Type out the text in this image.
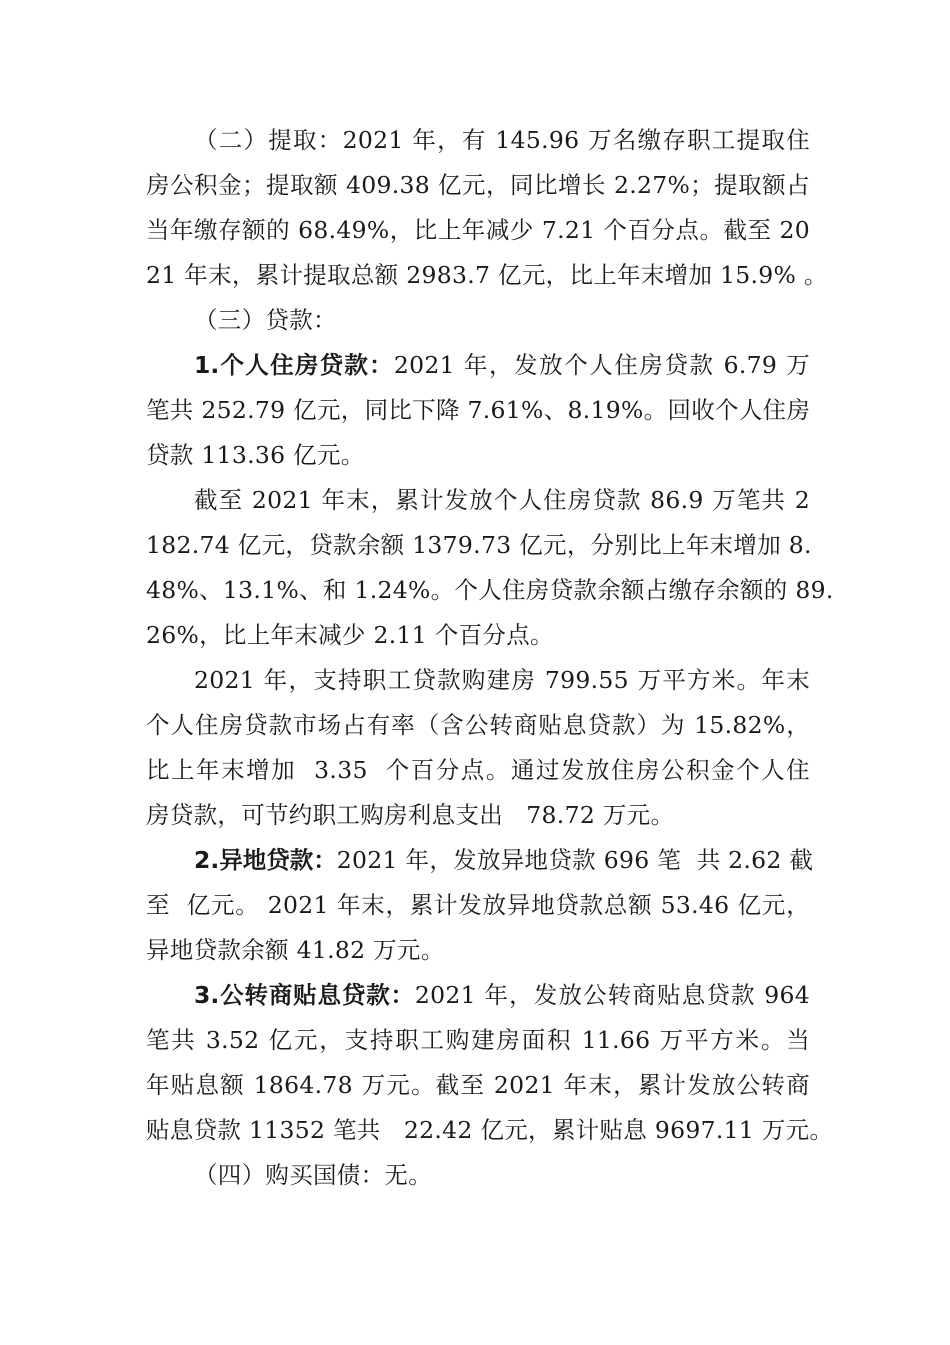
（二）提取：2021 年，有 145.96 万名缴存职工提取住
房公积金；提取额 409.38 亿元，同比增长 2.27%；提取额占
当年缴存额的 68.49%，比上年减少 7.21 个百分点。截至 20
21 年末，累计提取总额 2983.7 亿元，比上年末增加 15.9% 。
（三）贷款：
1.个人住房贷款：2021 年，发放个人住房贷款 6.79 万
笔共 252.79 亿元，同比下降 7.61%、8.19%。回收个人住房
贷款 113.36 亿元。
截至 2021 年末，累计发放个人住房贷款 86.9 万笔共 2
182.74 亿元，贷款余额 1379.73 亿元，分别比上年末增加 8.
48%、13.1%、和 1.24%。个人住房贷款余额占缴存余额的 89.
26%，比上年末减少 2.11 个百分点。
2021 年，支持职工贷款购建房 799.55 万平方米。年末
个人住房贷款市场占有率（含公转商贴息贷款）为 15.82%，
比上年末增加  3.35  个百分点。通过发放住房公积金个人住
房贷款，可节约职工购房利息支出   78.72 万元。
2.异地贷款：2021 年，发放异地贷款 696 笔  共 2.62 截
至  亿元。 2021 年末，累计发放异地贷款总额 53.46 亿元，
异地贷款余额 41.82 万元。
3.公转商贴息贷款：2021 年，发放公转商贴息贷款 964
笔共 3.52 亿元，支持职工购建房面积 11.66 万平方米。当
年贴息额 1864.78 万元。截至 2021 年末，累计发放公转商
贴息贷款 11352 笔共   22.42 亿元，累计贴息 9697.11 万元。
（四）购买国债：无。
